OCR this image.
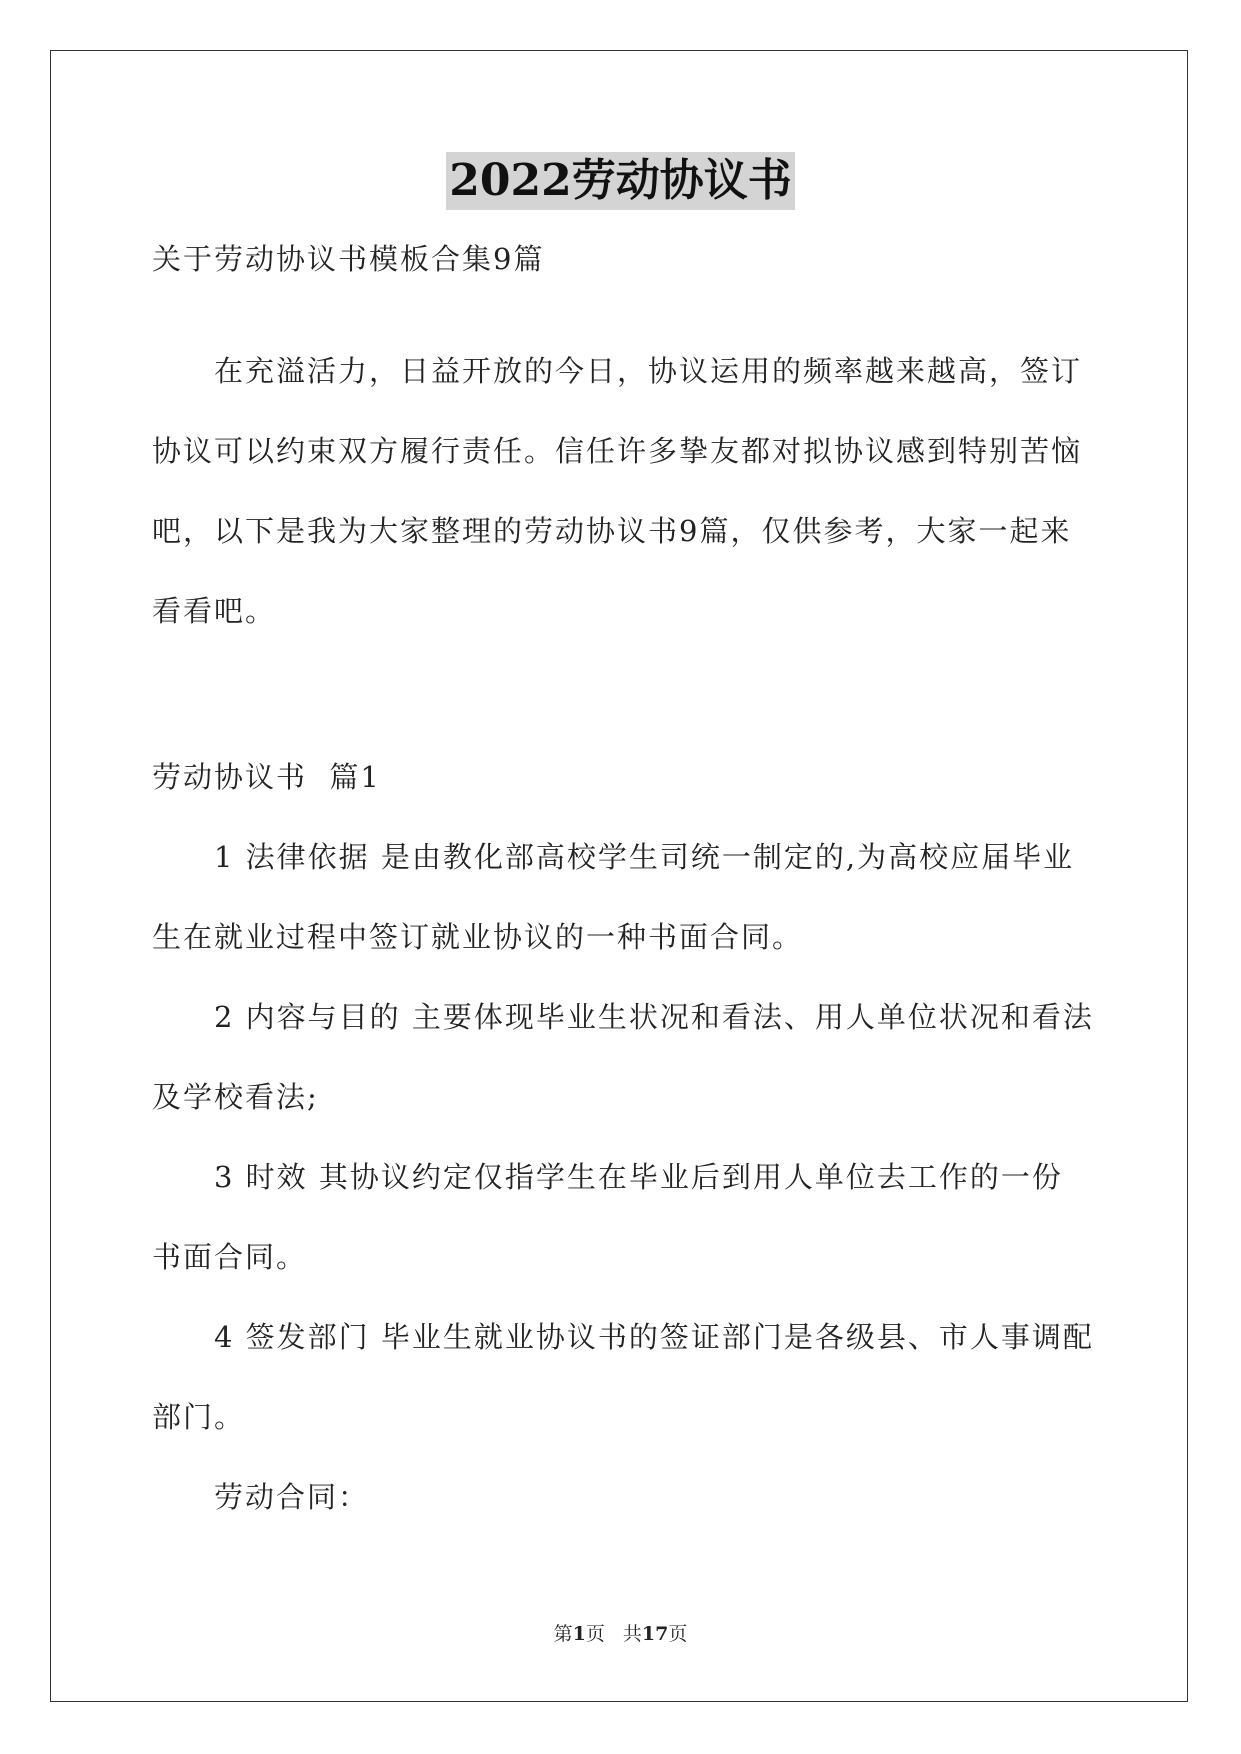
2022劳动协议书
关于劳动协议书模板合集9篇
在充溢活力，日益开放的今日，协议运用的频率越来越高，签订
协议可以约束双方履行责任。信任许多挚友都对拟协议感到特别苦恼
吧，以下是我为大家整理的劳动协议书9篇，仅供参考，大家一起来
看看吧。
劳动协议书  篇1
1 法律依据 是由教化部高校学生司统一制定的,为高校应届毕业
生在就业过程中签订就业协议的一种书面合同。
2 内容与目的 主要体现毕业生状况和看法、用人单位状况和看法
及学校看法;
3 时效 其协议约定仅指学生在毕业后到用人单位去工作的一份
书面合同。
4 签发部门 毕业生就业协议书的签证部门是各级县、市人事调配
部门。
劳动合同：
第1页 共17页
